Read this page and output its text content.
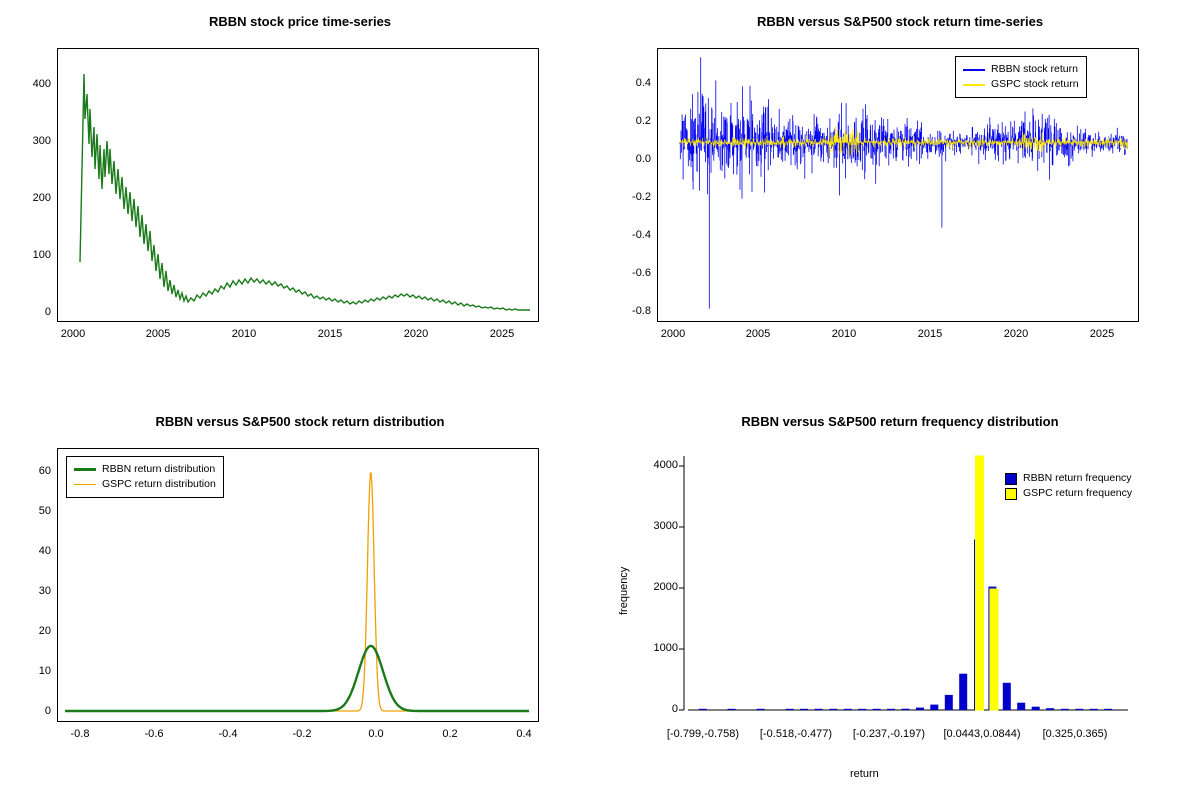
RBBN stock price time-series
0
100
200
300
400
2000	2005	2010	2015	2020	2025
RBBN versus S&P500 stock return time-series
RBBN stock return
GSPC stock return
-0.8
-0.6
-0.4
-0.2
0.0
0.2
0.4
2000	2005	2010	2015	2020	2025
RBBN versus S&P500 stock return distribution
RBBN return distribution
GSPC return distribution
0
10
20
30
40
50
60
-0.8	-0.6	-0.4	-0.2	0.0	0.2	0.4
RBBN versus S&P500 return frequency distribution
RBBN return frequency
GSPC return frequency
0
1000
2000
3000
4000
[-0.799,-0.758)	[-0.518,-0.477)	[-0.237,-0.197)	[0.0443,0.0844)	[0.325,0.365)
return
frequency
